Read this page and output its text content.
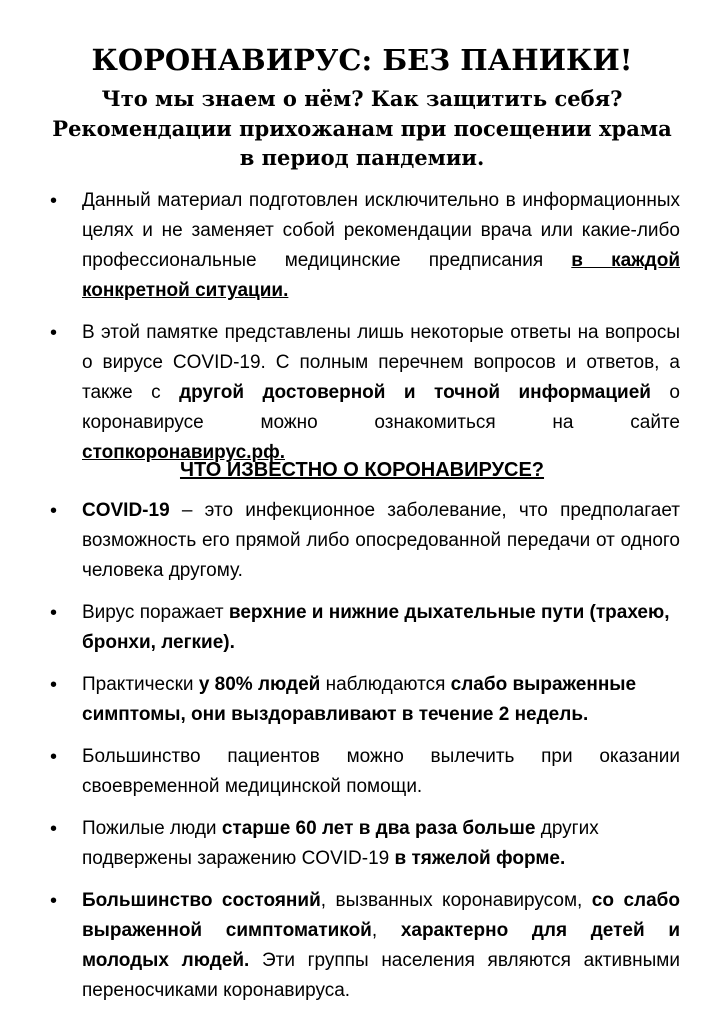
КОРОНАВИРУС: БЕЗ ПАНИКИ!
Что мы знаем о нём? Как защитить себя?
Рекомендации прихожанам при посещении храма
в период пандемии.
• Данный материал подготовлен исключительно в информационных целях и не заменяет собой рекомендации врача или какие-либо профессиональные медицинские предписания в каждой конкретной ситуации.
• В этой памятке представлены лишь некоторые ответы на вопросы о вирусе COVID-19. С полным перечнем вопросов и ответов, а также с другой достоверной и точной информацией о коронавирусе можно ознакомиться на сайте стопкоронавирус.рф.
ЧТО ИЗВЕСТНО О КОРОНАВИРУСЕ?
• COVID-19 – это инфекционное заболевание, что предполагает возможность его прямой либо опосредованной передачи от одного человека другому.
• Вирус поражает верхние и нижние дыхательные пути (трахею, бронхи, легкие).
• Практически у 80% людей наблюдаются слабо выраженные симптомы, они выздоравливают в течение 2 недель.
• Большинство пациентов можно вылечить при оказании своевременной медицинской помощи.
• Пожилые люди старше 60 лет в два раза больше других подвержены заражению COVID-19 в тяжелой форме.
• Большинство состояний, вызванных коронавирусом, со слабо выраженной симптоматикой, характерно для детей и молодых людей. Эти группы населения являются активными переносчиками коронавируса.
